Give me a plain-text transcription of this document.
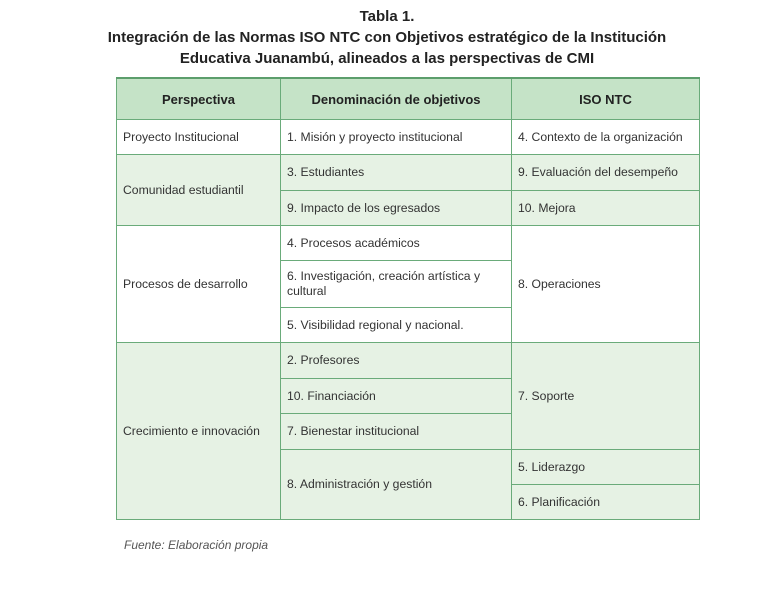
Tabla 1.
Integración de las Normas ISO NTC con Objetivos estratégico de la Institución
Educativa Juanambú, alineados a las perspectivas de CMI
Perspectiva	Denominación de objetivos	ISO NTC
Proyecto Institucional	1. Misión y proyecto institucional	4. Contexto de la organización
Comunidad estudiantil	3. Estudiantes	9. Evaluación del desempeño
	9. Impacto de los egresados	10. Mejora
Procesos de desarrollo	4. Procesos académicos	8. Operaciones
	6. Investigación, creación artística y cultural	
	5. Visibilidad regional y nacional.	
Crecimiento e innovación	2. Profesores	7. Soporte
	10. Financiación	
	7. Bienestar institucional	
	8. Administración y gestión	5. Liderazgo
		6. Planificación
Fuente: Elaboración propia
